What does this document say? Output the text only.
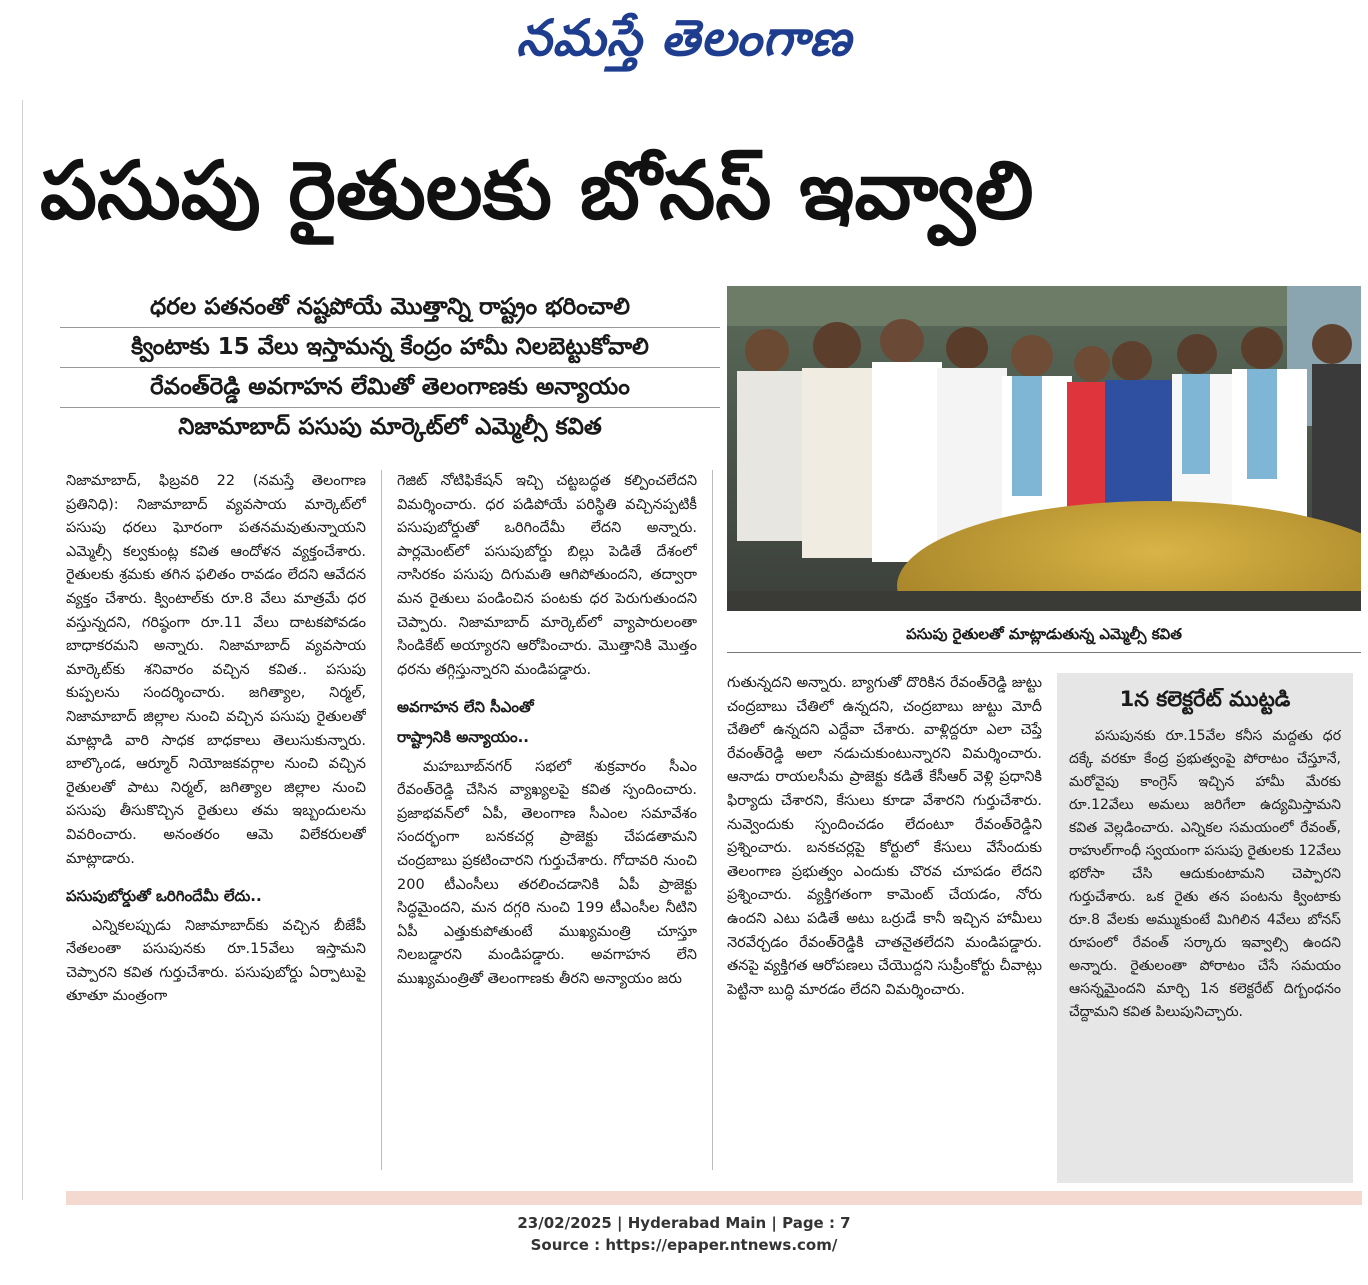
నమస్తే తెలంగాణ
పసుపు రైతులకు బోనస్ ఇవ్వాలి
ధరల పతనంతో నష్టపోయే మొత్తాన్ని రాష్ట్రం భరించాలి
క్వింటాకు 15 వేలు ఇస్తామన్న కేంద్రం హామీ నిలబెట్టుకోవాలి
రేవంత్‌రెడ్డి అవగాహన లేమితో తెలంగాణకు అన్యాయం
నిజామాబాద్ పసుపు మార్కెట్‌లో ఎమ్మెల్సీ కవిత
పసుపు రైతులతో మాట్లాడుతున్న ఎమ్మెల్సీ కవిత

నిజామాబాద్, ఫిబ్రవరి 22 (నమస్తే తెలంగాణ ప్రతినిధి): నిజామాబాద్ వ్యవసాయ మార్కెట్‌లో పసుపు ధరలు ఘోరంగా పతనమవుతున్నాయని ఎమ్మెల్సీ కల్వకుంట్ల కవిత ఆందోళన వ్యక్తంచేశారు. రైతులకు శ్రమకు తగిన ఫలితం రావడం లేదని ఆవేదన వ్యక్తం చేశారు. క్వింటాల్‌కు రూ.8 వేలు మాత్రమే ధర వస్తున్నదని, గరిష్ఠంగా రూ.11 వేలు దాటకపోవడం బాధాకరమని అన్నారు. నిజామాబాద్ వ్యవసాయ మార్కెట్‌కు శనివారం వచ్చిన కవిత.. పసుపు కుప్పలను సందర్శించారు. జగిత్యాల, నిర్మల్, నిజామాబాద్ జిల్లాల నుంచి వచ్చిన పసుపు రైతులతో మాట్లాడి వారి సాధక బాధకాలు తెలుసుకున్నారు. బాల్కొండ, ఆర్మూర్ నియోజకవర్గాల నుంచి వచ్చిన రైతులతో పాటు నిర్మల్, జగిత్యాల జిల్లాల నుంచి పసుపు తీసుకొచ్చిన రైతులు తమ ఇబ్బందులను వివరించారు. అనంతరం ఆమె విలేకరులతో మాట్లాడారు.

పసుపుబోర్డుతో ఒరిగిందేమీ లేదు..

ఎన్నికలప్పుడు నిజామాబాద్‌కు వచ్చిన బీజేపీ నేతలంతా పసుపునకు రూ.15వేలు ఇస్తామని చెప్పారని కవిత గుర్తుచేశారు. పసుపుబోర్డు ఏర్పాటుపై తూతూ మంత్రంగా

గెజిట్ నోటిఫికేషన్ ఇచ్చి చట్టబద్ధత కల్పించలేదని విమర్శించారు. ధర పడిపోయే పరిస్థితి వచ్చినప్పటికీ పసుపుబోర్డుతో ఒరిగిందేమీ లేదని అన్నారు. పార్లమెంట్‌లో పసుపుబోర్డు బిల్లు పెడితే దేశంలో నాసిరకం పసుపు దిగుమతి ఆగిపోతుందని, తద్వారా మన రైతులు పండించిన పంటకు ధర పెరుగుతుందని చెప్పారు. నిజామాబాద్ మార్కెట్‌లో వ్యాపారులంతా సిండికేట్ అయ్యారని ఆరోపించారు. మొత్తానికి మొత్తం ధరను తగ్గిస్తున్నారని మండిపడ్డారు.

అవగాహన లేని సీఎంతో
రాష్ట్రానికి అన్యాయం..

మహబూబ్‌నగర్ సభలో శుక్రవారం సీఎం రేవంత్‌రెడ్డి చేసిన వ్యాఖ్యలపై కవిత స్పందించారు. ప్రజాభవన్‌లో ఏపీ, తెలంగాణ సీఎంల సమావేశం సందర్భంగా బనకచర్ల ప్రాజెక్టు చేపడతామని చంద్రబాబు ప్రకటించారని గుర్తుచేశారు. గోదావరి నుంచి 200 టీఎంసీలు తరలించడానికి ఏపీ ప్రాజెక్టు సిద్ధమైందని, మన దగ్గరి నుంచి 199 టీఎంసీల నీటిని ఏపీ ఎత్తుకుపోతుంటే ముఖ్యమంత్రి చూస్తూ నిలబడ్డారని మండిపడ్డారు. అవగాహన లేని ముఖ్యమంత్రితో తెలంగాణకు తీరని అన్యాయం జరు

గుతున్నదని అన్నారు. బ్యాగుతో దొరికిన రేవంత్‌రెడ్డి జుట్టు చంద్రబాబు చేతిలో ఉన్నదని, చంద్రబాబు జుట్టు మోదీ చేతిలో ఉన్నదని ఎద్దేవా చేశారు. వాళ్లిద్దరూ ఎలా చెప్తే రేవంత్‌రెడ్డి అలా నడుచుకుంటున్నారని విమర్శించారు. ఆనాడు రాయలసీమ ప్రాజెక్టు కడితే కేసీఆర్ వెళ్లి ప్రధానికి ఫిర్యాదు చేశారని, కేసులు కూడా వేశారని గుర్తుచేశారు. నువ్వెందుకు స్పందించడం లేదంటూ రేవంత్‌రెడ్డిని ప్రశ్నించారు. బనకచర్లపై కోర్టులో కేసులు వేసేందుకు తెలంగాణ ప్రభుత్వం ఎందుకు చొరవ చూపడం లేదని ప్రశ్నించారు. వ్యక్తిగతంగా కామెంట్ చేయడం, నోరు ఉందని ఎటు పడితే అటు ఒర్రుడే కానీ ఇచ్చిన హామీలు నెరవేర్చడం రేవంత్‌రెడ్డికి చాతనైతలేదని మండిపడ్డారు. తనపై వ్యక్తిగత ఆరోపణలు చేయొద్దని సుప్రీంకోర్టు చీవాట్లు పెట్టినా బుద్ధి మారడం లేదని విమర్శించారు.

1న కలెక్టరేట్ ముట్టడి

పసుపునకు రూ.15వేల కనీస మద్దతు ధర దక్కే వరకూ కేంద్ర ప్రభుత్వంపై పోరాటం చేస్తూనే, మరోవైపు కాంగ్రెస్ ఇచ్చిన హామీ మేరకు రూ.12వేలు అమలు జరిగేలా ఉద్యమిస్తామని కవిత వెల్లడించారు. ఎన్నికల సమయంలో రేవంత్, రాహుల్‌గాంధీ స్వయంగా పసుపు రైతులకు 12వేలు భరోసా చేసి ఆదుకుంటామని చెప్పారని గుర్తుచేశారు. ఒక రైతు తన పంటను క్వింటాకు రూ.8 వేలకు అమ్ముకుంటే మిగిలిన 4వేలు బోనస్ రూపంలో రేవంత్ సర్కారు ఇవ్వాల్సి ఉందని అన్నారు. రైతులంతా పోరాటం చేసే సమయం ఆసన్నమైందని మార్చి 1న కలెక్టరేట్ దిగ్బంధనం చేద్దామని కవిత పిలుపునిచ్చారు.

23/02/2025 | Hyderabad Main | Page : 7
Source : https://epaper.ntnews.com/
